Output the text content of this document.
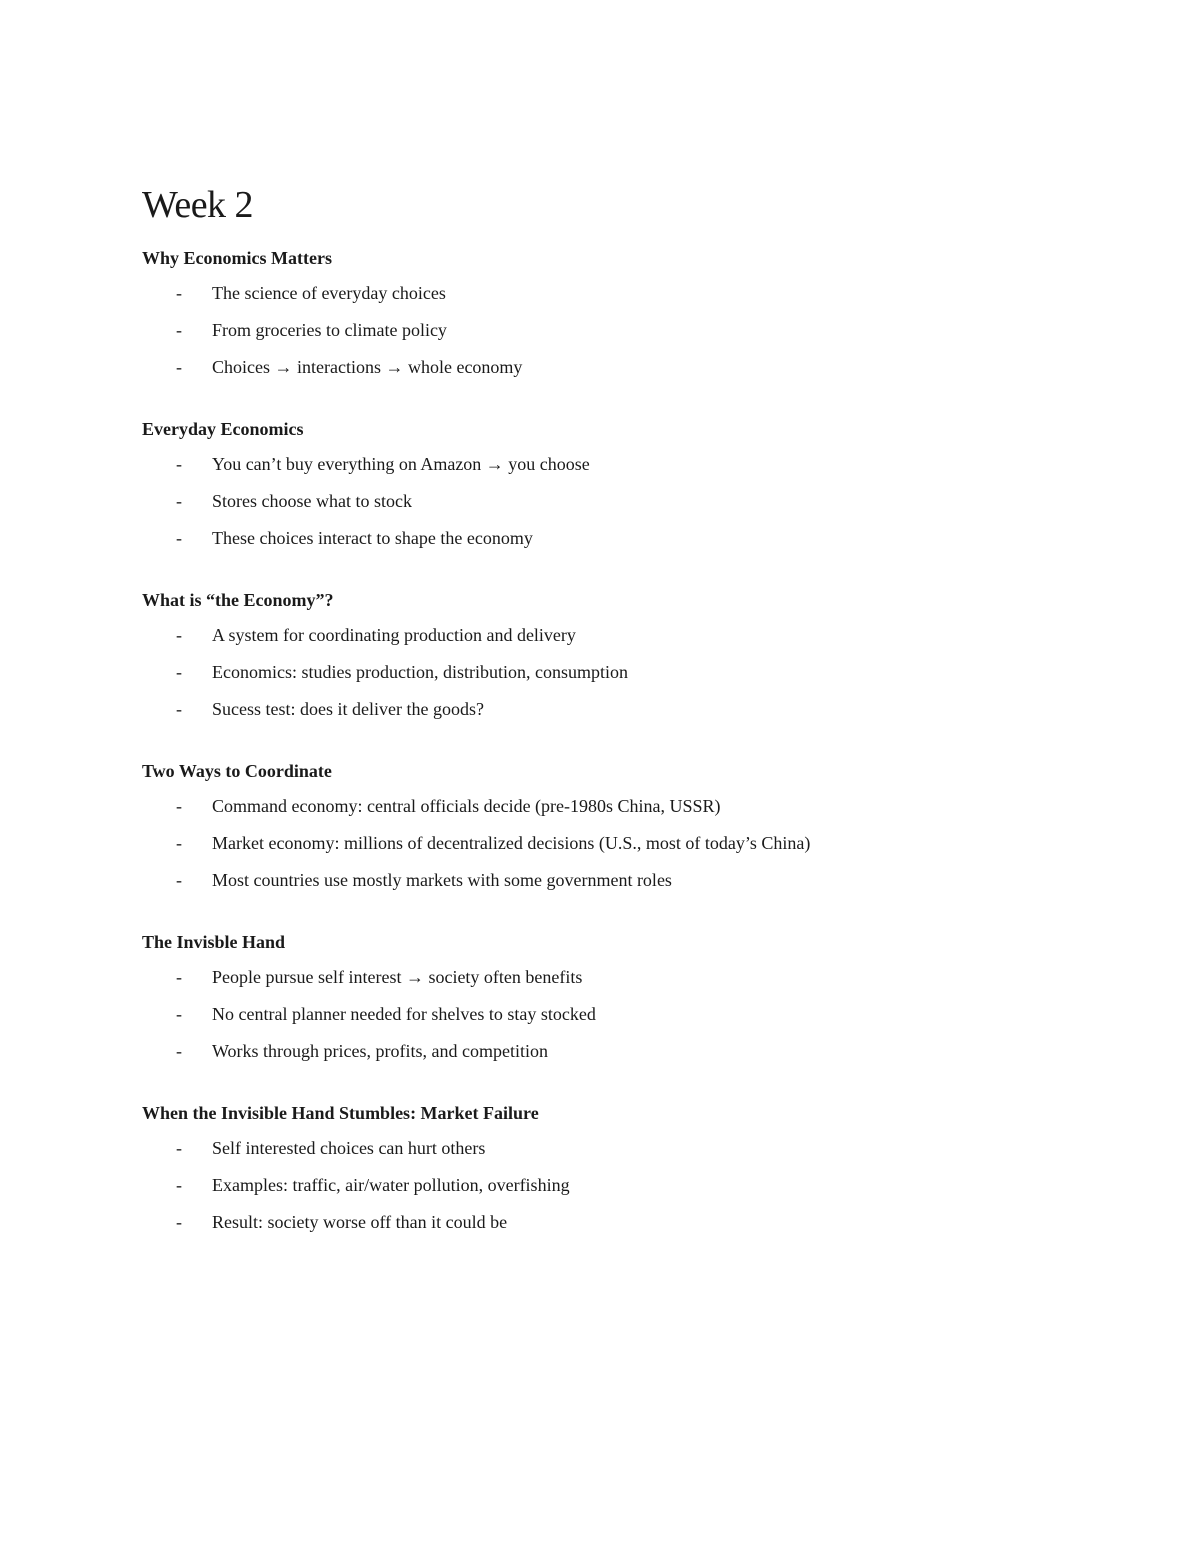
Week 2
Why Economics Matters
- The science of everyday choices
- From groceries to climate policy
- Choices → interactions → whole economy
Everyday Economics
- You can’t buy everything on Amazon → you choose
- Stores choose what to stock
- These choices interact to shape the economy
What is “the Economy”?
- A system for coordinating production and delivery
- Economics: studies production, distribution, consumption
- Sucess test: does it deliver the goods?
Two Ways to Coordinate
- Command economy: central officials decide (pre-1980s China, USSR)
- Market economy: millions of decentralized decisions (U.S., most of today’s China)
- Most countries use mostly markets with some government roles
The Invisble Hand
- People pursue self interest → society often benefits
- No central planner needed for shelves to stay stocked
- Works through prices, profits, and competition
When the Invisible Hand Stumbles: Market Failure
- Self interested choices can hurt others
- Examples: traffic, air/water pollution, overfishing
- Result: society worse off than it could be
